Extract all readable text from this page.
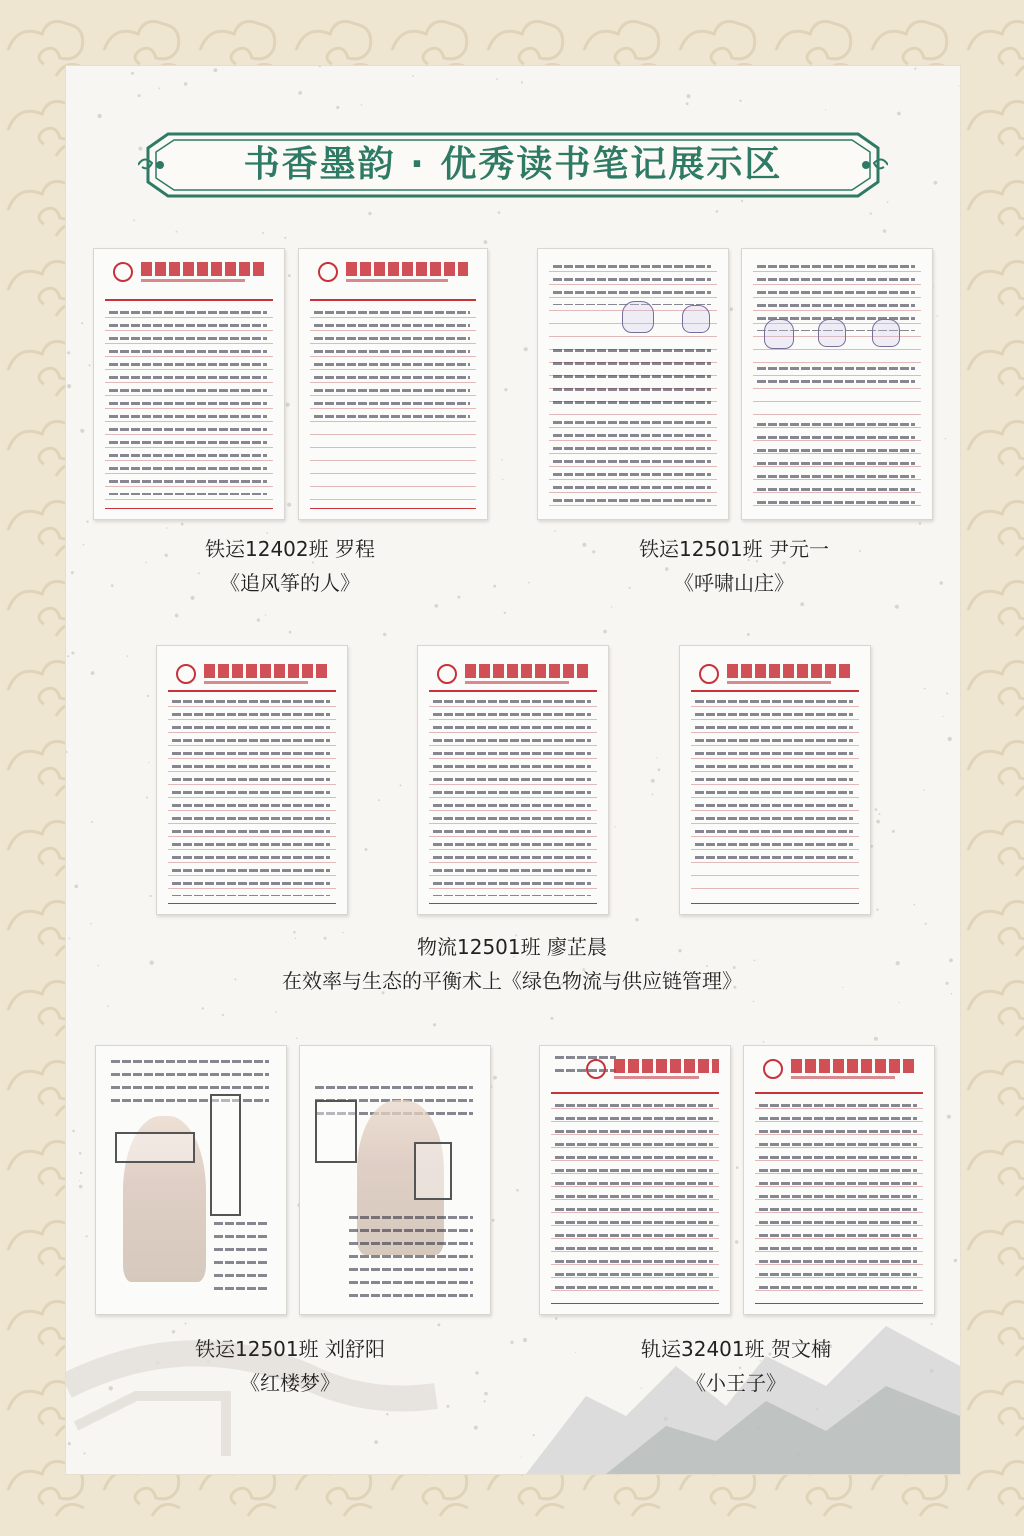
书香墨韵 · 优秀读书笔记展示区
铁运12402班 罗程
《追风筝的人》
铁运12501班 尹元一
《呼啸山庄》
物流12501班 廖芷晨
在效率与生态的平衡术上《绿色物流与供应链管理》
铁运12501班 刘舒阳
《红楼梦》
轨运32401班 贺文楠
《小王子》
